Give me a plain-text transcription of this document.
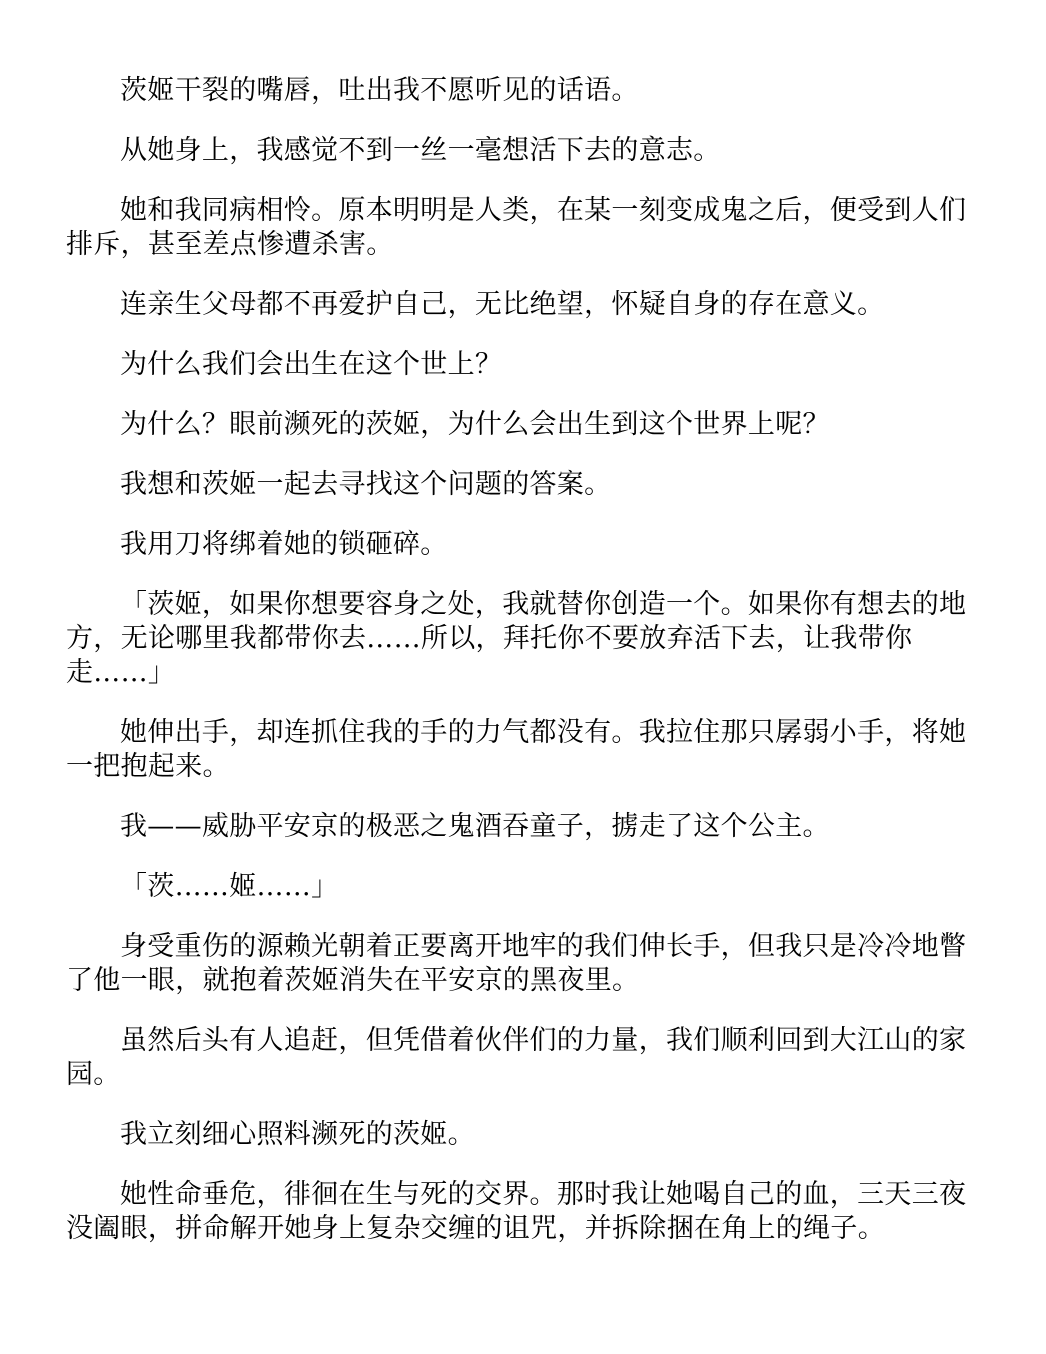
茨姬干裂的嘴唇，吐出我不愿听见的话语。

从她身上，我感觉不到一丝一毫想活下去的意志。

她和我同病相怜。原本明明是人类，在某一刻变成鬼之后，便受到人们排斥，甚至差点惨遭杀害。

连亲生父母都不再爱护自己，无比绝望，怀疑自身的存在意义。

为什么我们会出生在这个世上？

为什么？眼前濒死的茨姬，为什么会出生到这个世界上呢？

我想和茨姬一起去寻找这个问题的答案。

我用刀将绑着她的锁砸碎。

「茨姬，如果你想要容身之处，我就替你创造一个。如果你有想去的地方，无论哪里我都带你去……所以，拜托你不要放弃活下去，让我带你走……」

她伸出手，却连抓住我的手的力气都没有。我拉住那只孱弱小手，将她一把抱起来。

我——威胁平安京的极恶之鬼酒吞童子，掳走了这个公主。

「茨……姬……」

身受重伤的源赖光朝着正要离开地牢的我们伸长手，但我只是冷冷地瞥了他一眼，就抱着茨姬消失在平安京的黑夜里。

虽然后头有人追赶，但凭借着伙伴们的力量，我们顺利回到大江山的家园。

我立刻细心照料濒死的茨姬。

她性命垂危，徘徊在生与死的交界。那时我让她喝自己的血，三天三夜没阖眼，拼命解开她身上复杂交缠的诅咒，并拆除捆在角上的绳子。
